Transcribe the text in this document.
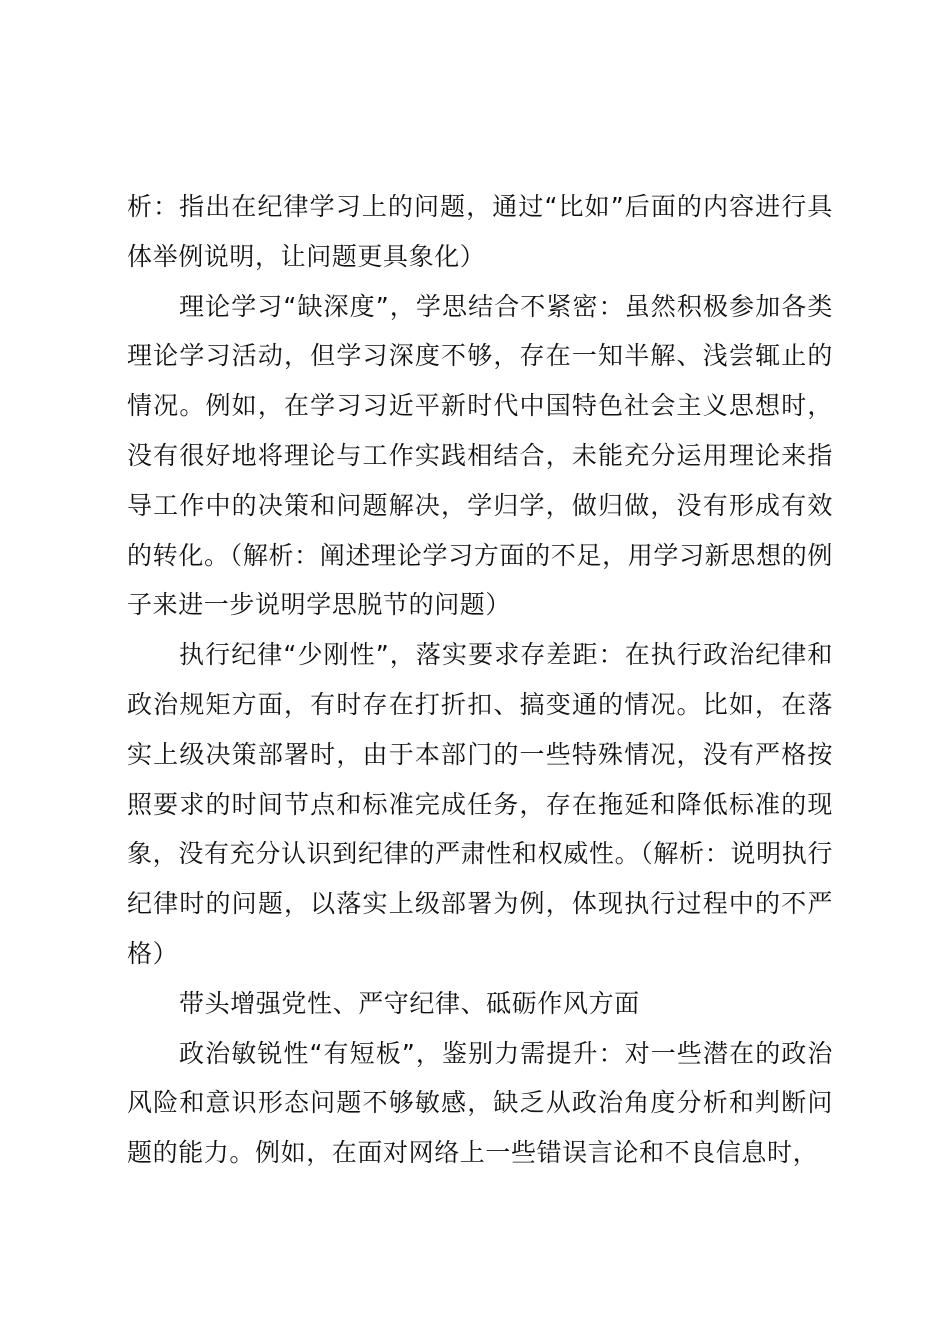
析：指出在纪律学习上的问题，通过“比如”后面的内容进行具体举例说明，让问题更具象化）

理论学习“缺深度”，学思结合不紧密：虽然积极参加各类理论学习活动，但学习深度不够，存在一知半解、浅尝辄止的情况。例如，在学习习近平新时代中国特色社会主义思想时，没有很好地将理论与工作实践相结合，未能充分运用理论来指导工作中的决策和问题解决，学归学，做归做，没有形成有效的转化。（解析：阐述理论学习方面的不足，用学习新思想的例子来进一步说明学思脱节的问题）

执行纪律“少刚性”，落实要求存差距：在执行政治纪律和政治规矩方面，有时存在打折扣、搞变通的情况。比如，在落实上级决策部署时，由于本部门的一些特殊情况，没有严格按照要求的时间节点和标准完成任务，存在拖延和降低标准的现象，没有充分认识到纪律的严肃性和权威性。（解析：说明执行纪律时的问题，以落实上级部署为例，体现执行过程中的不严格）

带头增强党性、严守纪律、砥砺作风方面

政治敏锐性“有短板”，鉴别力需提升：对一些潜在的政治风险和意识形态问题不够敏感，缺乏从政治角度分析和判断问题的能力。例如，在面对网络上一些错误言论和不良信息时，
